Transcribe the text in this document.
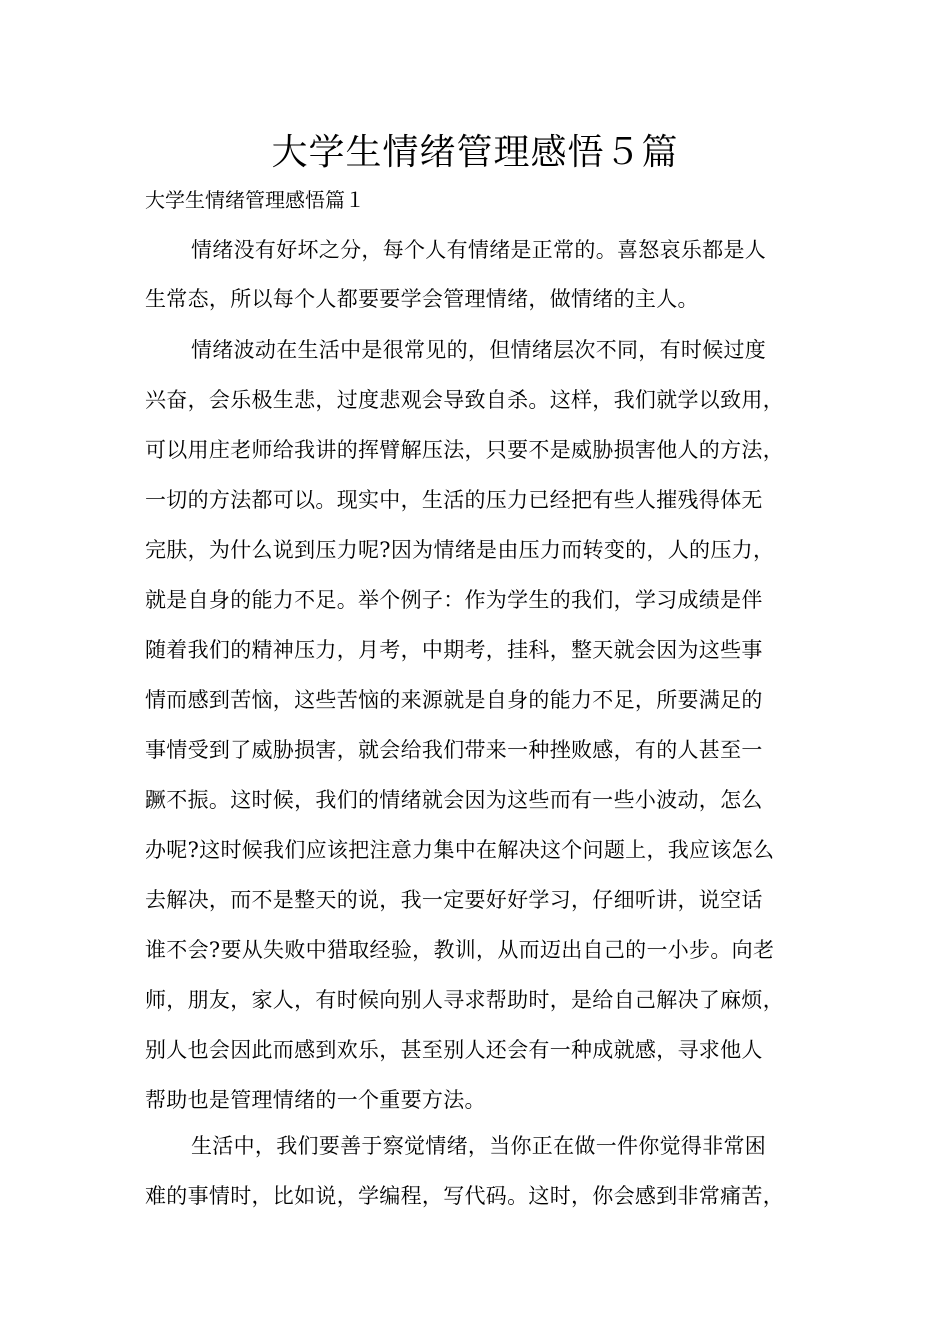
大学生情绪管理感悟５篇

大学生情绪管理感悟篇１

情绪没有好坏之分，每个人有情绪是正常的。喜怒哀乐都是人
生常态，所以每个人都要要学会管理情绪，做情绪的主人。
情绪波动在生活中是很常见的，但情绪层次不同，有时候过度
兴奋，会乐极生悲，过度悲观会导致自杀。这样，我们就学以致用，
可以用庄老师给我讲的挥臂解压法，只要不是威胁损害他人的方法，
一切的方法都可以。现实中，生活的压力已经把有些人摧残得体无
完肤，为什么说到压力呢?因为情绪是由压力而转变的，人的压力，
就是自身的能力不足。举个例子：作为学生的我们，学习成绩是伴
随着我们的精神压力，月考，中期考，挂科，整天就会因为这些事
情而感到苦恼，这些苦恼的来源就是自身的能力不足，所要满足的
事情受到了威胁损害，就会给我们带来一种挫败感，有的人甚至一
蹶不振。这时候，我们的情绪就会因为这些而有一些小波动，怎么
办呢?这时候我们应该把注意力集中在解决这个问题上，我应该怎么
去解决，而不是整天的说，我一定要好好学习，仔细听讲，说空话
谁不会?要从失败中猎取经验，教训，从而迈出自己的一小步。向老
师，朋友，家人，有时候向别人寻求帮助时，是给自己解决了麻烦，
别人也会因此而感到欢乐，甚至别人还会有一种成就感，寻求他人
帮助也是管理情绪的一个重要方法。
生活中，我们要善于察觉情绪，当你正在做一件你觉得非常困
难的事情时，比如说，学编程，写代码。这时，你会感到非常痛苦，
